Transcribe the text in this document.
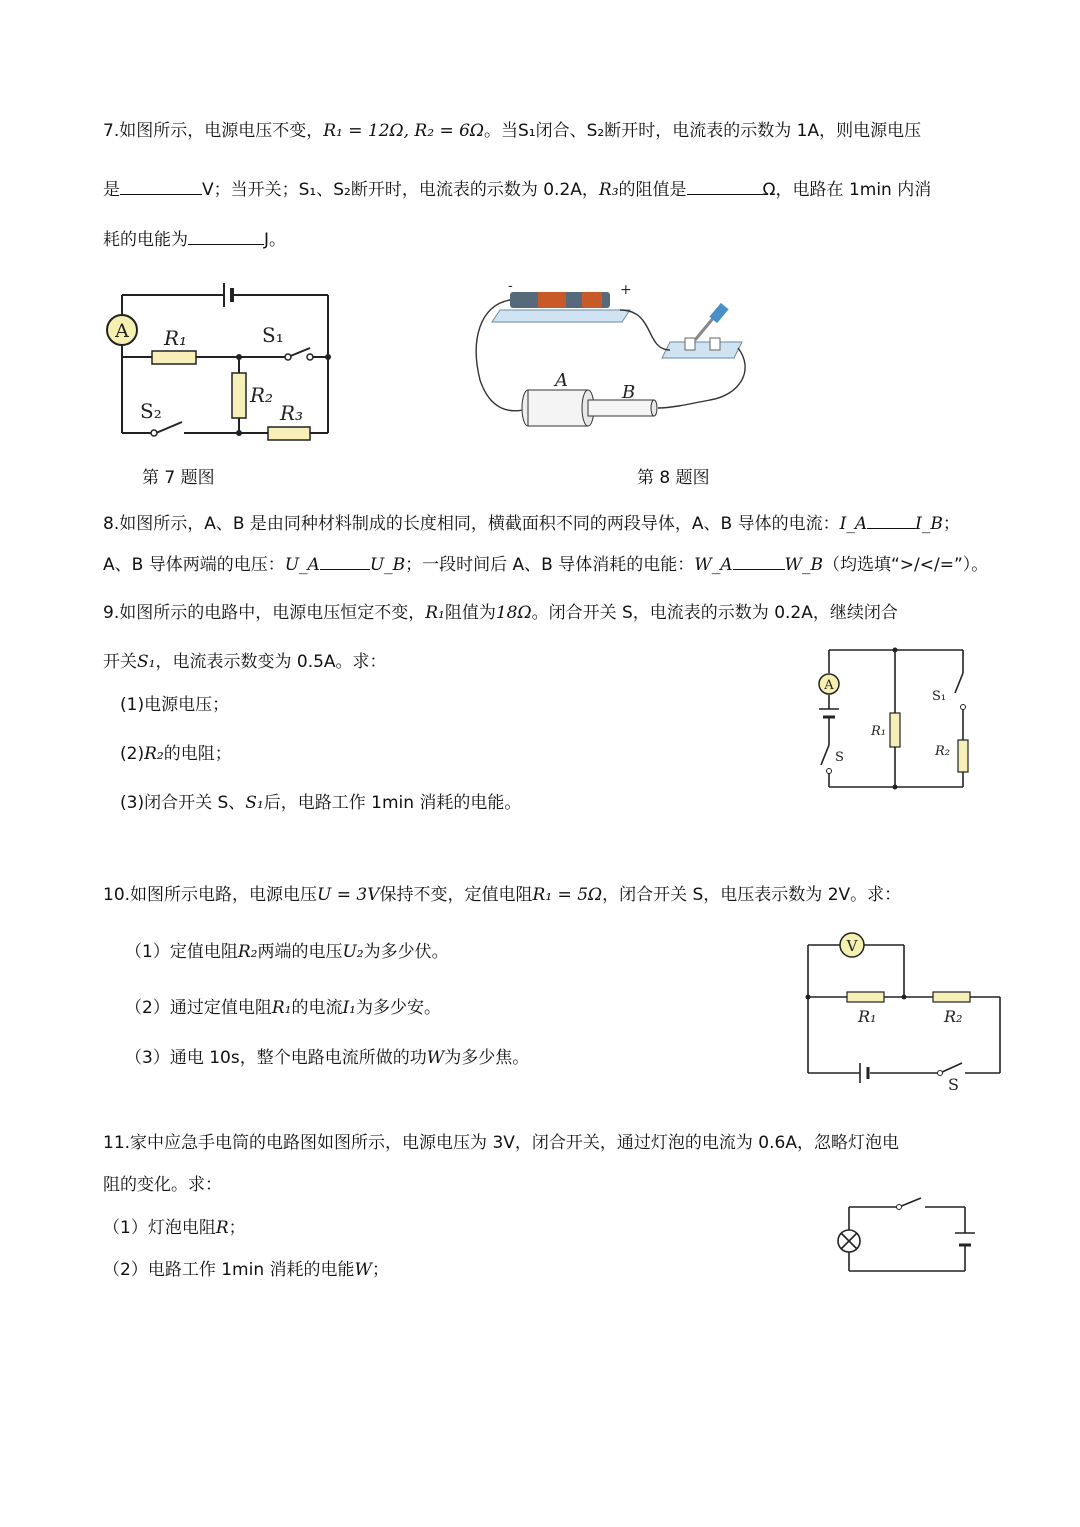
7.如图所示，电源电压不变，R₁ = 12Ω, R₂ = 6Ω。当S₁闭合、S₂断开时，电流表的示数为 1A，则电源电压
是	V；当开关；S₁、S₂断开时，电流表的示数为 0.2A，R₃的阻值是	Ω，电路在 1min 内消
耗的电能为	J。
A R₁
R₂
R₃
S₁
S₂
第 7 题图
-	+
A
B
第 8 题图
8.如图所示，A、B 是由同种材料制成的长度相同，横截面积不同的两段导体，A、B 导体的电流：I_A	I_B；
A、B 导体两端的电压：U_A	U_B；一段时间后 A、B 导体消耗的电能：W_A	W_B（均选填“>/</=”）。
9.如图所示的电路中，电源电压恒定不变，R₁阻值为18Ω。闭合开关 S，电流表的示数为 0.2A，继续闭合
开关S₁，电流表示数变为 0.5A。求：
(1)电源电压；
(2)R₂的电阻；
(3)闭合开关 S、S₁后，电路工作 1min 消耗的电能。
A
R₁
R₂
S
S₁
10.如图所示电路，电源电压U = 3V保持不变，定值电阻R₁ = 5Ω，闭合开关 S，电压表示数为 2V。求：
（1）定值电阻R₂两端的电压U₂为多少伏。
（2）通过定值电阻R₁的电流I₁为多少安。
（3）通电 10s，整个电路电流所做的功W为多少焦。
V
R₁	R₂
S
11.家中应急手电筒的电路图如图所示，电源电压为 3V，闭合开关，通过灯泡的电流为 0.6A，忽略灯泡电
阻的变化。求：
（1）灯泡电阻R；
（2）电路工作 1min 消耗的电能W；
